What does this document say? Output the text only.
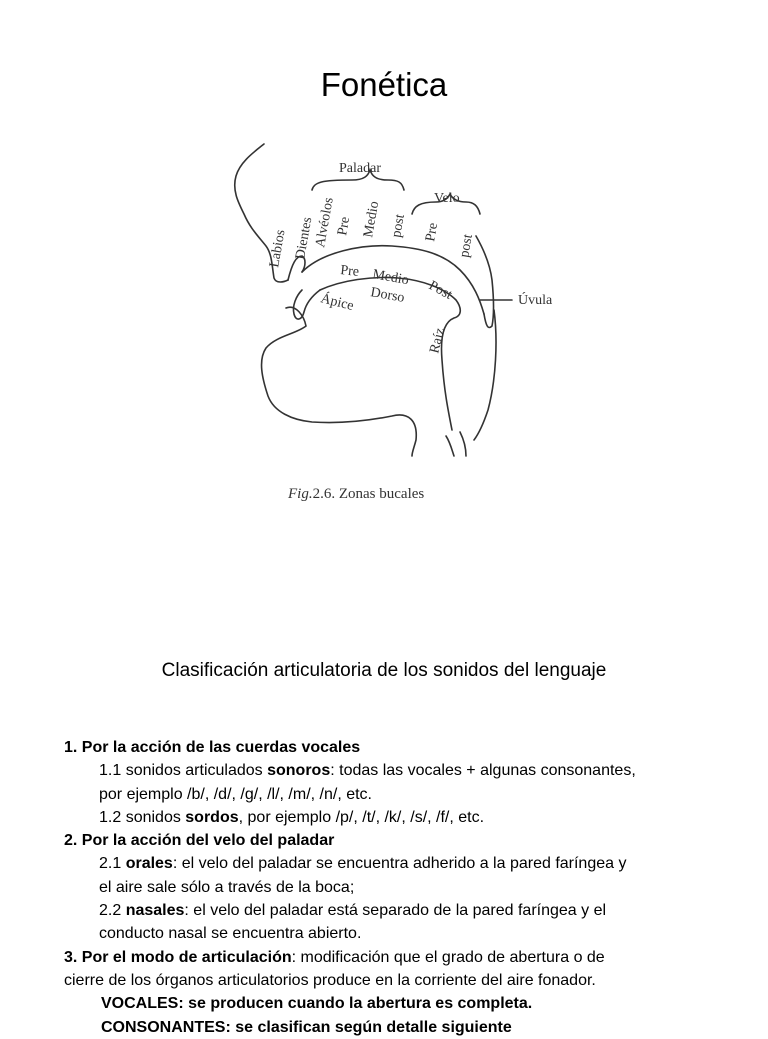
Fonética
Paladar
Velo
Labios Dientes
Alvéolos
Pre Medio post Pre
post
Pre Medio
Post
Dorso
Ápice
Raíz
Úvula
Fig.2.6. Zonas bucales
Clasificación articulatoria de los sonidos del lenguaje

1. Por la acción de las cuerdas vocales

1.1 sonidos articulados sonoros: todas las vocales + algunas consonantes,

por ejemplo /b/, /d/, /g/, /l/, /m/, /n/, etc.

1.2 sonidos sordos, por ejemplo /p/, /t/, /k/, /s/, /f/, etc.

2. Por la acción del velo del paladar

2.1 orales: el velo del paladar se encuentra adherido a la pared faríngea y

el aire sale sólo a través de la boca;

2.2 nasales: el velo del paladar está separado de la pared faríngea y el

conducto nasal se encuentra abierto.

3. Por el modo de articulación: modificación que el grado de abertura o de

cierre de los órganos articulatorios produce en la corriente del aire fonador.

VOCALES: se producen cuando la abertura es completa.

CONSONANTES: se clasifican según detalle siguiente
